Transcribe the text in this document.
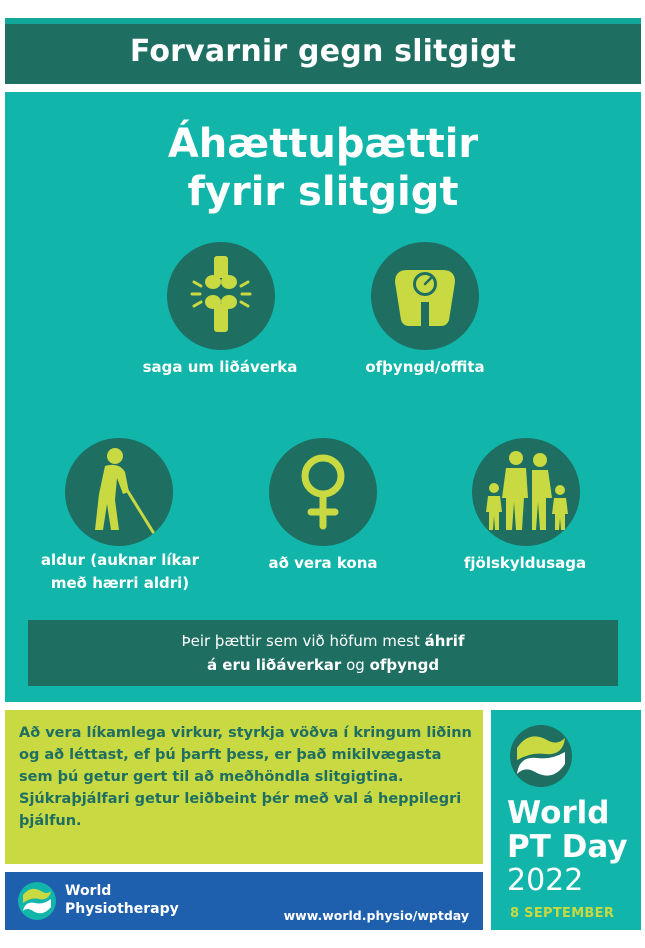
Forvarnir gegn slitgigt
Áhættuþættir
fyrir slitgigt
saga um liðáverka	ofþyngd/offita
aldur (auknar líkar
með hærri aldri)
að vera kona	fjölskyldusaga
Þeir þættir sem við höfum mest áhrif
á eru liðáverkar og ofþyngd

Að vera líkamlega virkur, styrkja vöðva í kringum liðinn og að léttast, ef þú þarft þess, er það mikilvægasta sem þú getur gert til að meðhöndla slitgigtina.

Sjúkraþjálfari getur leiðbeint þér með val á heppilegri þjálfun.

World
Physiotherapy	www.world.physio/wptday
World
PT Day
2022
8 SEPTEMBER
